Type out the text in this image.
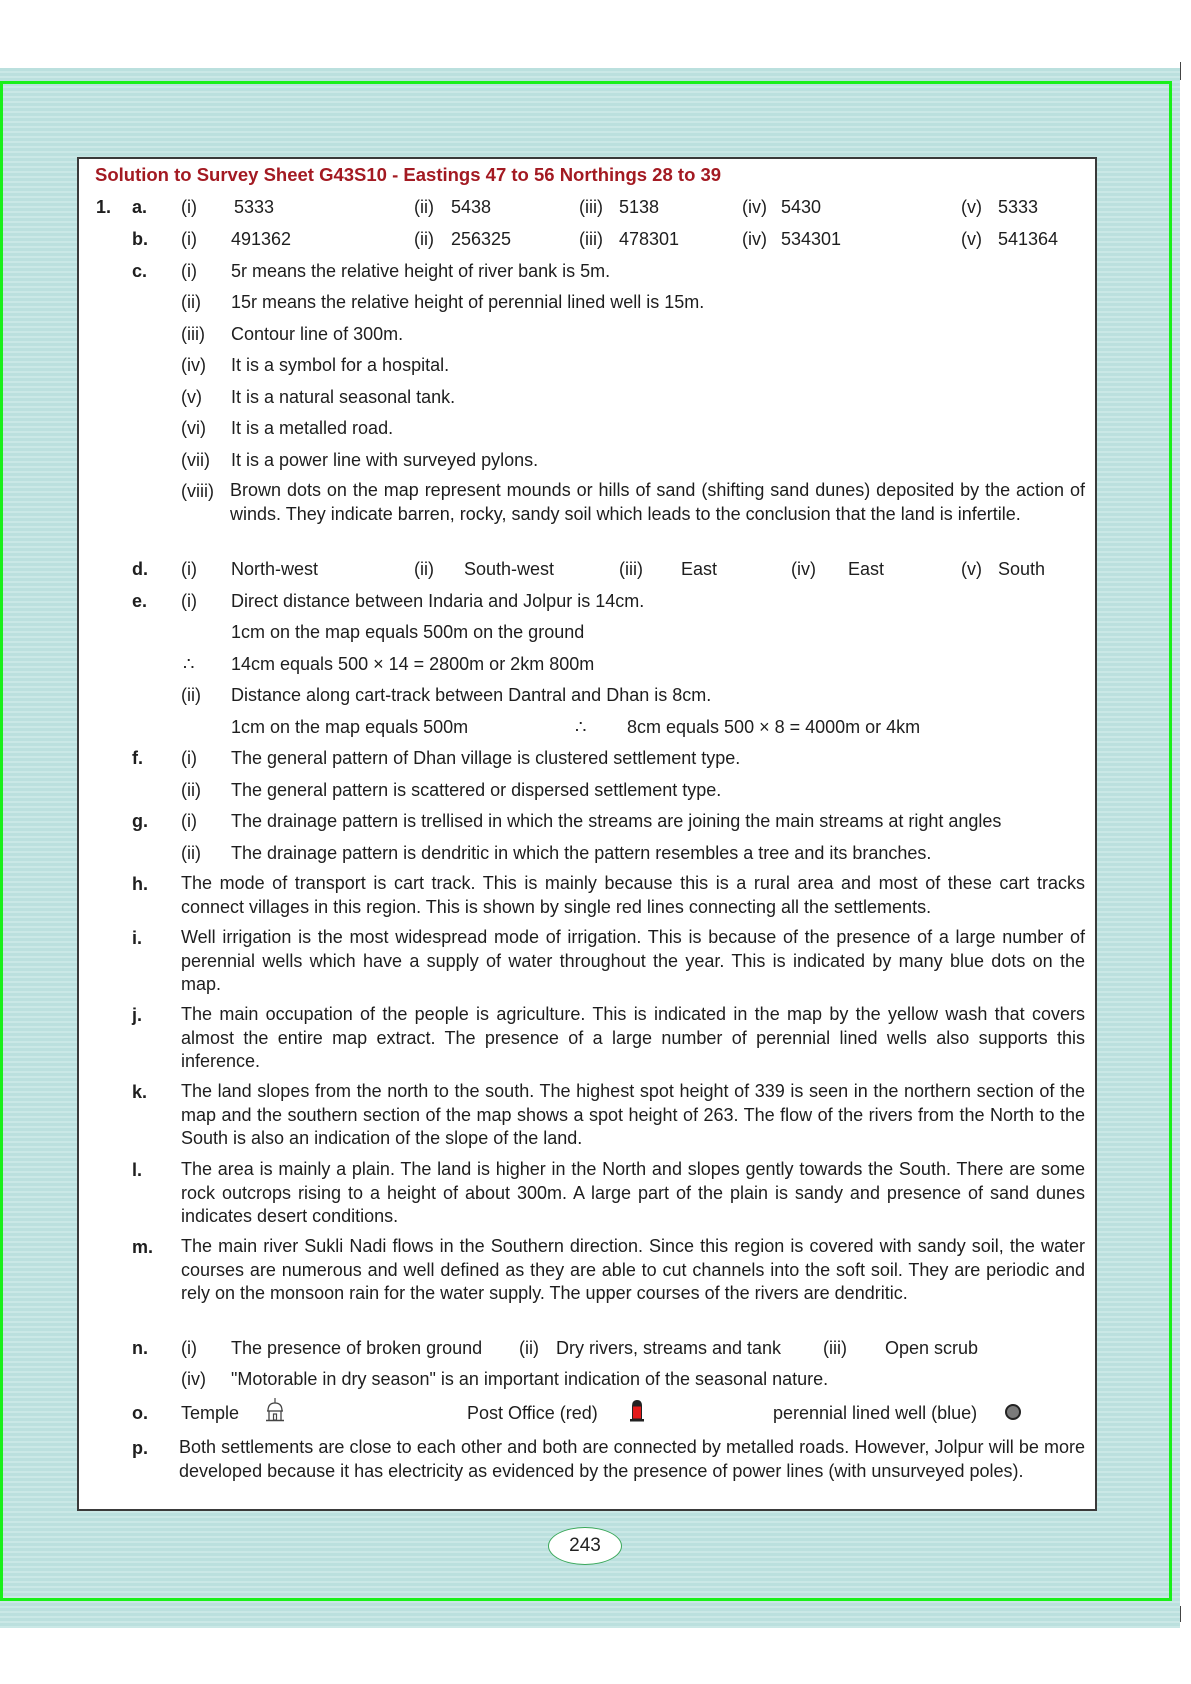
Solution to Survey Sheet G43S10 - Eastings 47 to 56 Northings 28 to 39
1. a. (i) 5333	(ii) 5438	(iii) 5138	(iv) 5430	(v) 5333
b. (i) 491362	(ii) 256325	(iii) 478301	(iv) 534301	(v) 541364
c. (i) 5r means the relative height of river bank is 5m.
(ii) 15r means the relative height of perennial lined well is 15m.
(iii) Contour line of 300m.
(iv) It is a symbol for a hospital.
(v) It is a natural seasonal tank.
(vi) It is a metalled road.
(vii) It is a power line with surveyed pylons.
(viii) Brown dots on the map represent mounds or hills of sand (shifting sand dunes) deposited by the action of winds. They indicate barren, rocky, sandy soil which leads to the conclusion that the land is infertile.
d. (i) North-west	(ii) South-west	(iii) East	(iv) East	(v) South
e. (i) Direct distance between Indaria and Jolpur is 14cm.
1cm on the map equals 500m on the ground
∴ 14cm equals 500 × 14 = 2800m or 2km 800m
(ii) Distance along cart-track between Dantral and Dhan is 8cm.
1cm on the map equals 500m	∴ 8cm equals 500 × 8 = 4000m or 4km
f. (i) The general pattern of Dhan village is clustered settlement type.
(ii) The general pattern is scattered or dispersed settlement type.
g. (i) The drainage pattern is trellised in which the streams are joining the main streams at right angles
(ii) The drainage pattern is dendritic in which the pattern resembles a tree and its branches.
h. The mode of transport is cart track. This is mainly because this is a rural area and most of these cart tracks connect villages in this region. This is shown by single red lines connecting all the settlements.
i. Well irrigation is the most widespread mode of irrigation. This is because of the presence of a large number of perennial wells which have a supply of water throughout the year. This is indicated by many blue dots on the map.
j. The main occupation of the people is agriculture. This is indicated in the map by the yellow wash that covers almost the entire map extract. The presence of a large number of perennial lined wells also supports this inference.
k. The land slopes from the north to the south. The highest spot height of 339 is seen in the northern section of the map and the southern section of the map shows a spot height of 263. The flow of the rivers from the North to the South is also an indication of the slope of the land.
l. The area is mainly a plain. The land is higher in the North and slopes gently towards the South. There are some rock outcrops rising to a height of about 300m. A large part of the plain is sandy and presence of sand dunes indicates desert conditions.
m. The main river Sukli Nadi flows in the Southern direction. Since this region is covered with sandy soil, the water courses are numerous and well defined as they are able to cut channels into the soft soil. They are periodic and rely on the monsoon rain for the water supply. The upper courses of the rivers are dendritic.
n. (i) The presence of broken ground (ii) Dry rivers, streams and tank (iii) Open scrub
(iv) "Motorable in dry season" is an important indication of the seasonal nature.
o. Temple	Post Office (red)	perennial lined well (blue)
p. Both settlements are close to each other and both are connected by metalled roads. However, Jolpur will be more developed because it has electricity as evidenced by the presence of power lines (with unsurveyed poles).
243
